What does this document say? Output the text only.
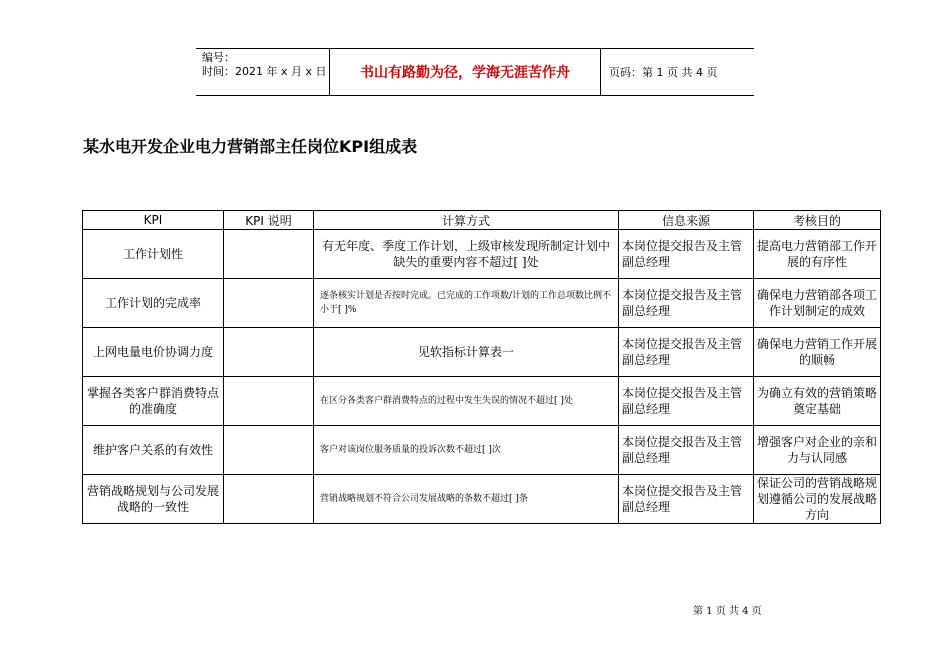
编号：
时间：2021 年 x 月 x 日	书山有路勤为径，学海无涯苦作舟	页码：第 1 页 共 4 页
某水电开发企业电力营销部主任岗位KPI组成表
KPI	KPI 说明	计算方式	信息来源	考核目的
工作计划性		有无年度、季度工作计划，上级审核发现所制定计划中缺失的重要内容不超过[ ]处	本岗位提交报告及主管副总经理	提高电力营销部工作开展的有序性
工作计划的完成率		逐条核实计划是否按时完成。已完成的工作项数/计划的工作总项数比例不小于[ ]%	本岗位提交报告及主管副总经理	确保电力营销部各项工作计划制定的成效
上网电量电价协调力度		见软指标计算表一	本岗位提交报告及主管副总经理	确保电力营销工作开展的顺畅
掌握各类客户群消费特点的准确度		在区分各类客户群消费特点的过程中发生失误的情况不超过[ ]处	本岗位提交报告及主管副总经理	为确立有效的营销策略奠定基础
维护客户关系的有效性		客户对该岗位服务质量的投诉次数不超过[ ]次	本岗位提交报告及主管副总经理	增强客户对企业的亲和力与认同感
营销战略规划与公司发展战略的一致性		营销战略规划不符合公司发展战略的条数不超过[ ]条	本岗位提交报告及主管副总经理	保证公司的营销战略规划遵循公司的发展战略方向
第 1 页 共 4 页
